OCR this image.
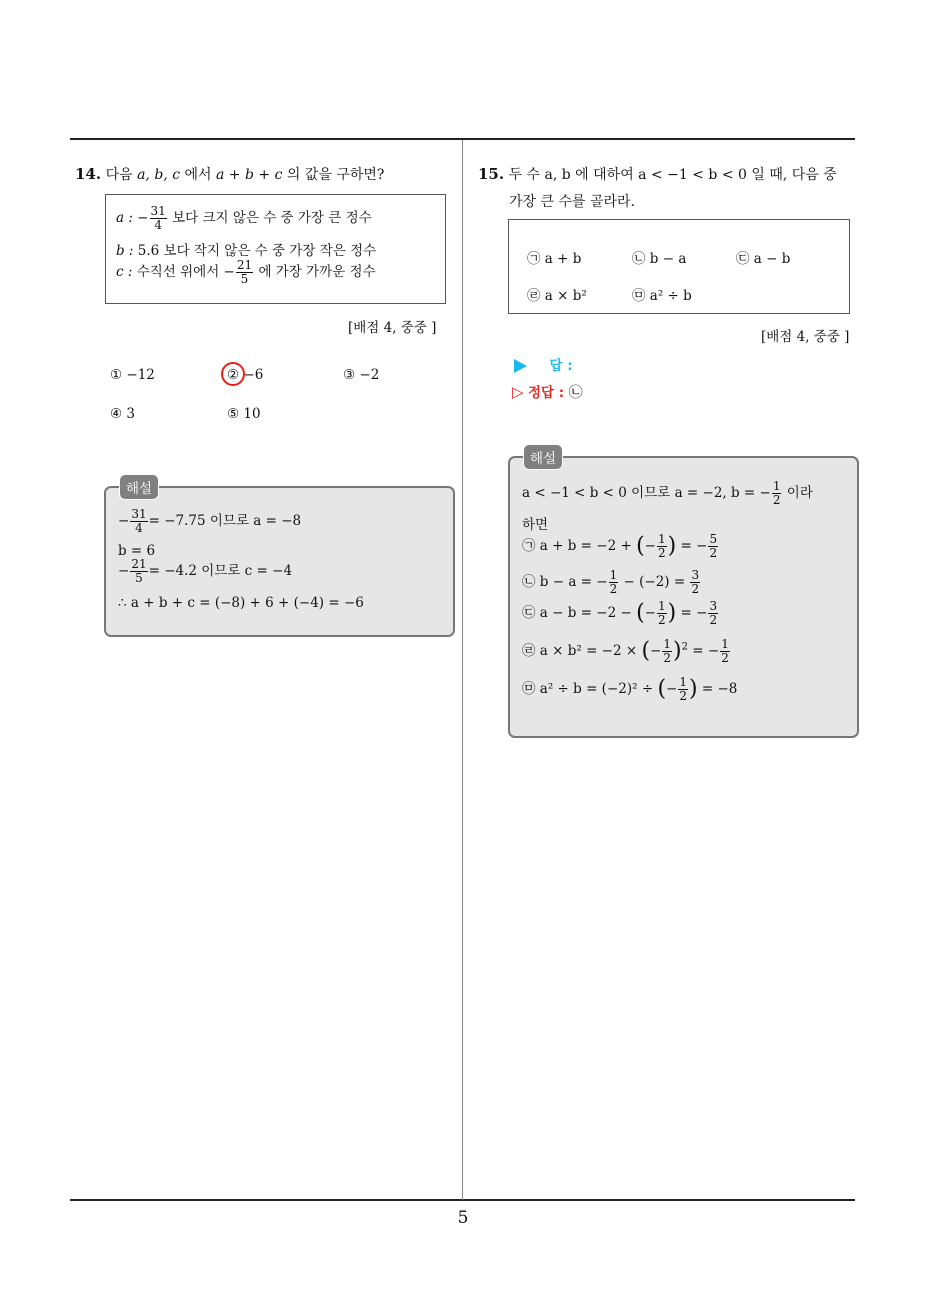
14. 다음 a, b, c 에서 a + b + c 의 값을 구하면?
a : − $\frac{31}{4}$ 보다 크지 않은 수 중 가장 큰 정수
b : 5.6 보다 작지 않은 수 중 가장 작은 정수
c : 수직선 위에서 − $\frac{21}{5}$ 에 가장 가까운 정수
[배점 4, 중중 ]
① −12	② −6	③ −2
④ 3	⑤ 10
− $\frac{31}{4} = -7.75$ 이므로 a = −8
b = 6
− $\frac{21}{5} = -4.2$ 이므로 c = −4
∴ a + b + c = (−8) + 6 + (−4) = −6
해설
15. 두 수 a, b 에 대하여 a < −1 < b < 0 일 때, 다음 중
가장 큰 수를 골라라.
㉠ a + b	㉡ b − a	㉢ a − b
㉣ a × b²	㉤ a² ÷ b
[배점 4, 중중 ]
답 :
▷ 정답 : ㉡
a < −1 < b < 0 이므로 a = −2, b = − $\frac{1}{2}$ 이라
하면
㉠ a + b = −2 + (− $\frac{1}{2}$ ) = − $\frac{5}{2}$
㉡ b − a = − $\frac{1}{2} - (-2) = \frac{3}{2}$
㉢ a − b = −2 − (− $\frac{1}{2}$ ) = − $\frac{3}{2}$
㉣ a × b² = −2 × (− $\frac{1}{2} )^2$ = − $\frac{1}{2}$
㉤ a² ÷ b = (−2)² ÷ (− $\frac{1}{2}$ ) = −8
해설
5
